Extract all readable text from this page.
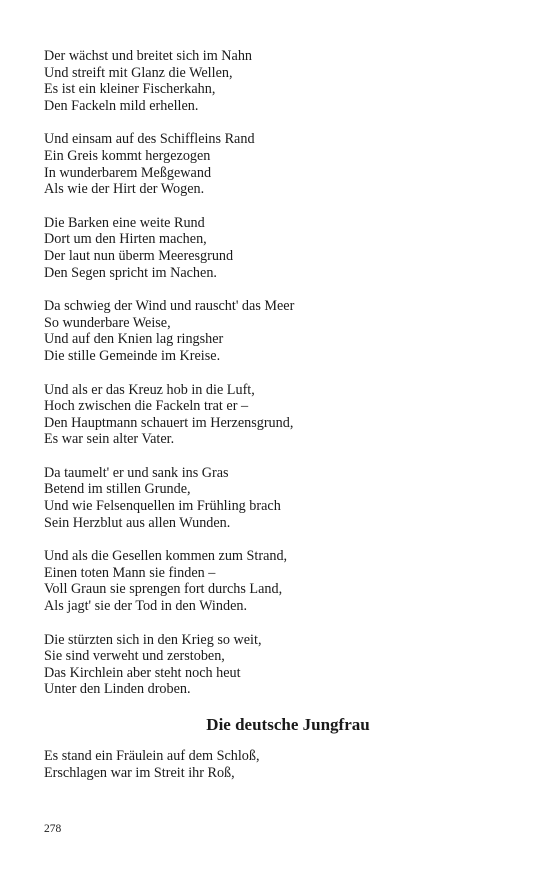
Der wächst und breitet sich im Nahn
Und streift mit Glanz die Wellen,
Es ist ein kleiner Fischerkahn,
Den Fackeln mild erhellen.
Und einsam auf des Schiffleins Rand
Ein Greis kommt hergezogen
In wunderbarem Meßgewand
Als wie der Hirt der Wogen.
Die Barken eine weite Rund
Dort um den Hirten machen,
Der laut nun überm Meeresgrund
Den Segen spricht im Nachen.
Da schwieg der Wind und rauscht' das Meer
So wunderbare Weise,
Und auf den Knien lag ringsher
Die stille Gemeinde im Kreise.
Und als er das Kreuz hob in die Luft,
Hoch zwischen die Fackeln trat er –
Den Hauptmann schauert im Herzensgrund,
Es war sein alter Vater.
Da taumelt' er und sank ins Gras
Betend im stillen Grunde,
Und wie Felsenquellen im Frühling brach
Sein Herzblut aus allen Wunden.
Und als die Gesellen kommen zum Strand,
Einen toten Mann sie finden –
Voll Graun sie sprengen fort durchs Land,
Als jagt' sie der Tod in den Winden.
Die stürzten sich in den Krieg so weit,
Sie sind verweht und zerstoben,
Das Kirchlein aber steht noch heut
Unter den Linden droben.
Die deutsche Jungfrau
Es stand ein Fräulein auf dem Schloß,
Erschlagen war im Streit ihr Roß,
278
